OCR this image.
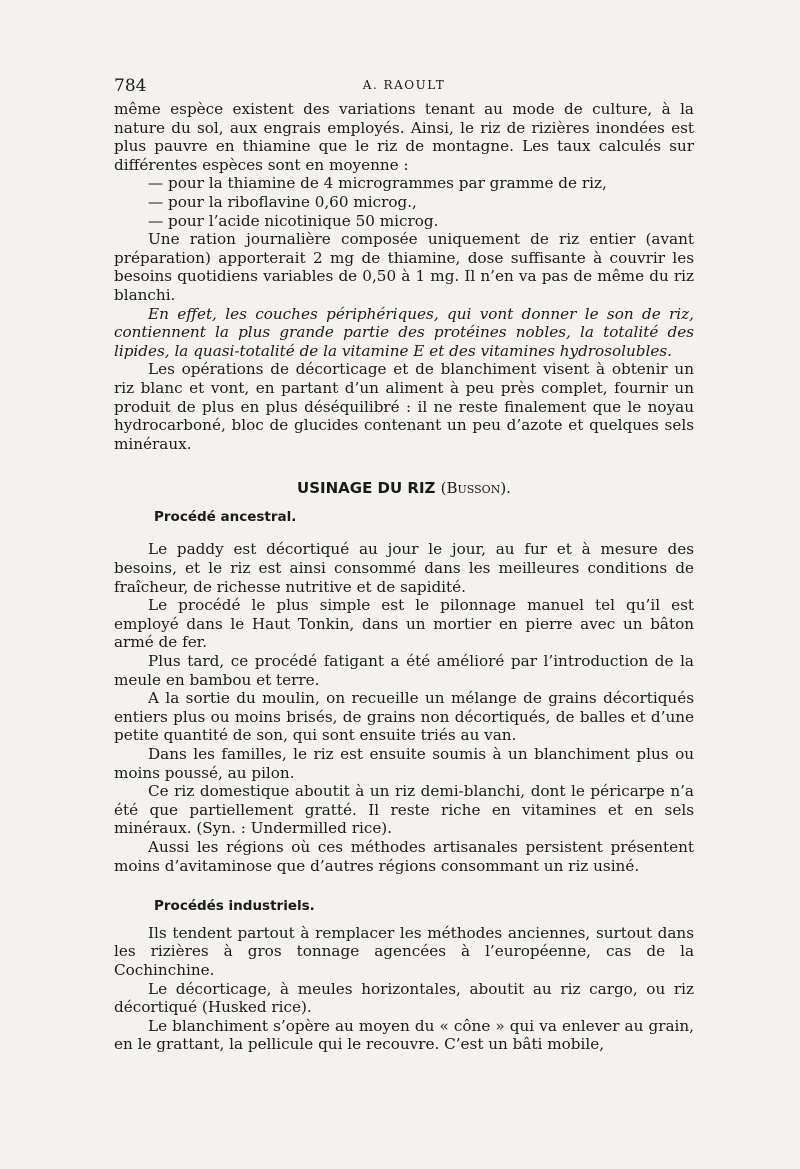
784	A. RAOULT

même espèce existent des variations tenant au mode de culture, à la nature du sol, aux engrais employés. Ainsi, le riz de rizières inondées est plus pauvre en thiamine que le riz de montagne. Les taux calculés sur différentes espèces sont en moyenne :

— pour la thiamine de 4 microgrammes par gramme de riz,

— pour la riboflavine 0,60 microg.,

— pour l’acide nicotinique 50 microg.

Une ration journalière composée uniquement de riz entier (avant préparation) apporterait 2 mg de thiamine, dose suffisante à couvrir les besoins quotidiens variables de 0,50 à 1 mg. Il n’en va pas de même du riz blanchi.

En effet, les couches périphériques, qui vont donner le son de riz, contiennent la plus grande partie des protéines nobles, la totalité des lipides, la quasi-totalité de la vitamine E et des vitamines hydrosolubles.

Les opérations de décorticage et de blanchiment visent à obtenir un riz blanc et vont, en partant d’un aliment à peu près complet, fournir un produit de plus en plus déséquilibré : il ne reste finalement que le noyau hydrocarboné, bloc de glucides contenant un peu d’azote et quelques sels minéraux.

USINAGE DU RIZ (Busson).
Procédé ancestral.

Le paddy est décortiqué au jour le jour, au fur et à mesure des besoins, et le riz est ainsi consommé dans les meilleures conditions de fraîcheur, de richesse nutritive et de sapidité.

Le procédé le plus simple est le pilonnage manuel tel qu’il est employé dans le Haut Tonkin, dans un mortier en pierre avec un bâton armé de fer.

Plus tard, ce procédé fatigant a été amélioré par l’introduction de la meule en bambou et terre.

A la sortie du moulin, on recueille un mélange de grains décortiqués entiers plus ou moins brisés, de grains non décortiqués, de balles et d’une petite quantité de son, qui sont ensuite triés au van.

Dans les familles, le riz est ensuite soumis à un blanchiment plus ou moins poussé, au pilon.

Ce riz domestique aboutit à un riz demi-blanchi, dont le péricarpe n’a été que partiellement gratté. Il reste riche en vitamines et en sels minéraux. (Syn. : Undermilled rice).

Aussi les régions où ces méthodes artisanales persistent présentent moins d’avitaminose que d’autres régions consommant un riz usiné.

Procédés industriels.

Ils tendent partout à remplacer les méthodes anciennes, surtout dans les rizières à gros tonnage agencées à l’européenne, cas de la Cochinchine.

Le décorticage, à meules horizontales, aboutit au riz cargo, ou riz décortiqué (Husked rice).

Le blanchiment s’opère au moyen du « cône » qui va enlever au grain, en le grattant, la pellicule qui le recouvre. C’est un bâti mobile,
